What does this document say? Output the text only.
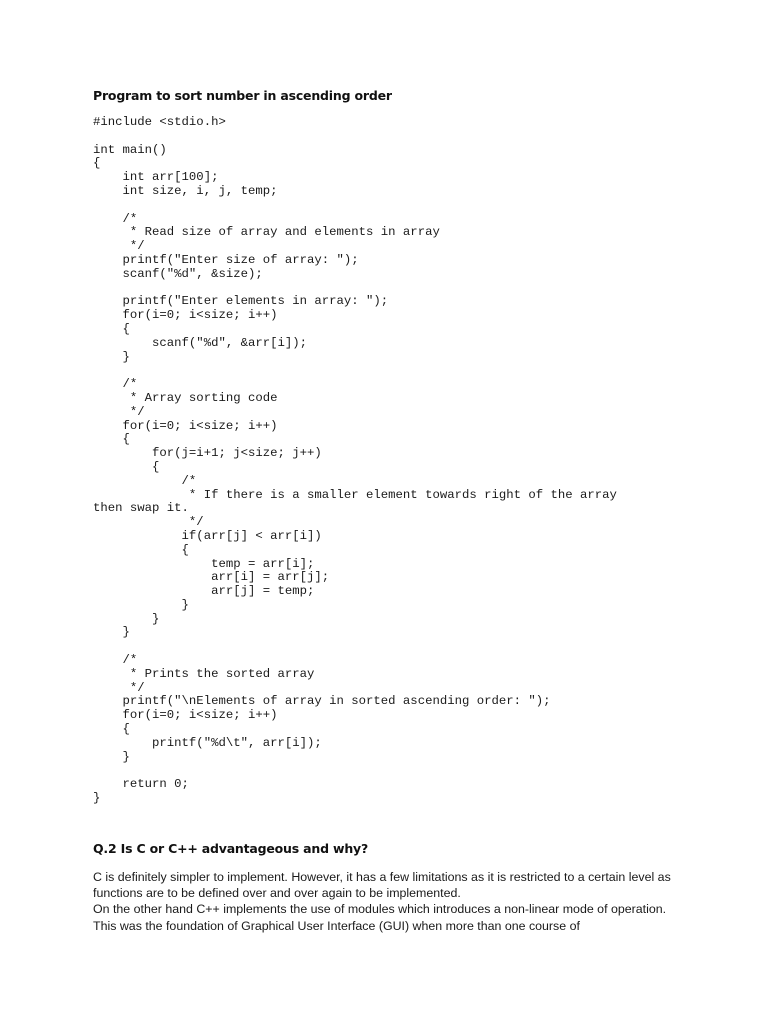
Program to sort number in ascending order
#include <stdio.h>

int main()
{
int arr[100];
int size, i, j, temp;

/*
* Read size of array and elements in array
*/
printf("Enter size of array: ");
scanf("%d", &size);

printf("Enter elements in array: ");
for(i=0; i<size; i++)
{
scanf("%d", &arr[i]);
}

/*
* Array sorting code
*/
for(i=0; i<size; i++)
{
for(j=i+1; j<size; j++)
{
/*
* If there is a smaller element towards right of the array
then swap it.
*/
if(arr[j] < arr[i])
{
temp = arr[i];
arr[i] = arr[j];
arr[j] = temp;
}
}
}

/*
* Prints the sorted array
*/
printf("\nElements of array in sorted ascending order: ");
for(i=0; i<size; i++)
{
printf("%d\t", arr[i]);
}

return 0;
}
Q.2 Is C or C++ advantageous and why?

C is definitely simpler to implement. However, it has a few limitations as it is restricted to a certain level as functions are to be defined over and over again to be implemented.

On the other hand C++ implements the use of modules which introduces a non-linear mode of operation. This was the foundation of Graphical User Interface (GUI) when more than one course of
